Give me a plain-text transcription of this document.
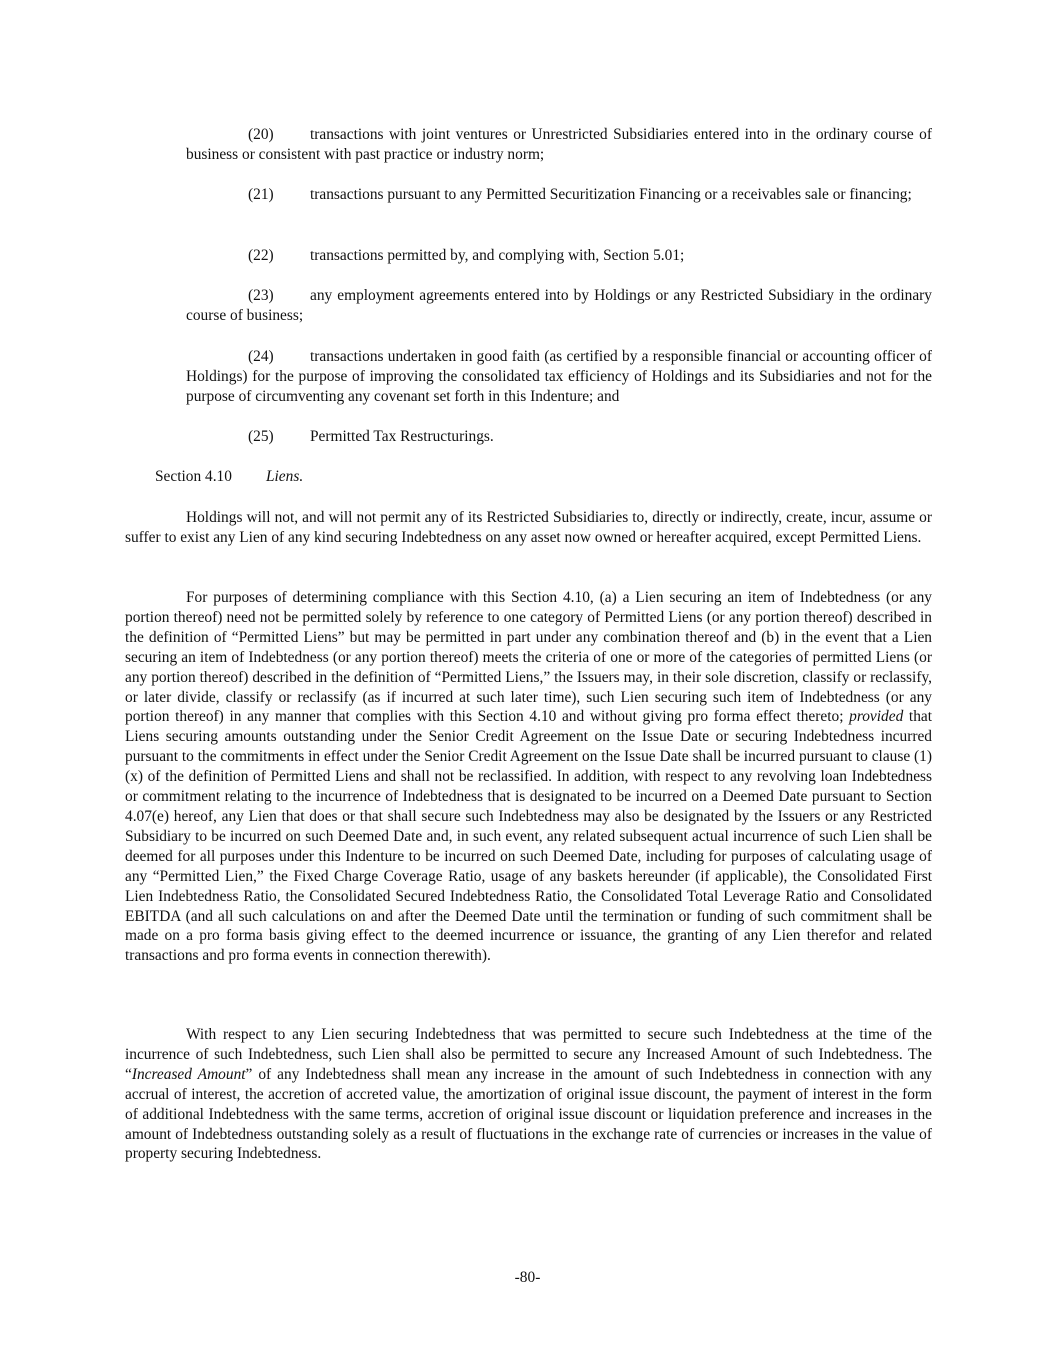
(20) transactions with joint ventures or Unrestricted Subsidiaries entered into in the ordinary course of business or consistent with past practice or industry norm;

(21) transactions pursuant to any Permitted Securitization Financing or a receivables sale or financing;

(22) transactions permitted by, and complying with, Section 5.01;

(23) any employment agreements entered into by Holdings or any Restricted Subsidiary in the ordinary course of business;

(24) transactions undertaken in good faith (as certified by a responsible financial or accounting officer of Holdings) for the purpose of improving the consolidated tax efficiency of Holdings and its Subsidiaries and not for the purpose of circumventing any covenant set forth in this Indenture; and

(25) Permitted Tax Restructurings.

Section 4.10 Liens.

Holdings will not, and will not permit any of its Restricted Subsidiaries to, directly or indirectly, create, incur, assume or suffer to exist any Lien of any kind securing Indebtedness on any asset now owned or hereafter acquired, except Permitted Liens.

For purposes of determining compliance with this Section 4.10, (a) a Lien securing an item of Indebtedness (or any portion thereof) need not be permitted solely by reference to one category of Permitted Liens (or any portion thereof) described in the definition of “Permitted Liens” but may be permitted in part under any combination thereof and (b) in the event that a Lien securing an item of Indebtedness (or any portion thereof) meets the criteria of one or more of the categories of permitted Liens (or any portion thereof) described in the definition of “Permitted Liens,” the Issuers may, in their sole discretion, classify or reclassify, or later divide, classify or reclassify (as if incurred at such later time), such Lien securing such item of Indebtedness (or any portion thereof) in any manner that complies with this Section 4.10 and without giving pro forma effect thereto; provided that Liens securing amounts outstanding under the Senior Credit Agreement on the Issue Date or securing Indebtedness incurred pursuant to the commitments in effect under the Senior Credit Agreement on the Issue Date shall be incurred pursuant to clause (1)(x) of the definition of Permitted Liens and shall not be reclassified. In addition, with respect to any revolving loan Indebtedness or commitment relating to the incurrence of Indebtedness that is designated to be incurred on a Deemed Date pursuant to Section 4.07(e) hereof, any Lien that does or that shall secure such Indebtedness may also be designated by the Issuers or any Restricted Subsidiary to be incurred on such Deemed Date and, in such event, any related subsequent actual incurrence of such Lien shall be deemed for all purposes under this Indenture to be incurred on such Deemed Date, including for purposes of calculating usage of any “Permitted Lien,” the Fixed Charge Coverage Ratio, usage of any baskets hereunder (if applicable), the Consolidated First Lien Indebtedness Ratio, the Consolidated Secured Indebtedness Ratio, the Consolidated Total Leverage Ratio and Consolidated EBITDA (and all such calculations on and after the Deemed Date until the termination or funding of such commitment shall be made on a pro forma basis giving effect to the deemed incurrence or issuance, the granting of any Lien therefor and related transactions and pro forma events in connection therewith).

With respect to any Lien securing Indebtedness that was permitted to secure such Indebtedness at the time of the incurrence of such Indebtedness, such Lien shall also be permitted to secure any Increased Amount of such Indebtedness. The “Increased Amount” of any Indebtedness shall mean any increase in the amount of such Indebtedness in connection with any accrual of interest, the accretion of accreted value, the amortization of original issue discount, the payment of interest in the form of additional Indebtedness with the same terms, accretion of original issue discount or liquidation preference and increases in the amount of Indebtedness outstanding solely as a result of fluctuations in the exchange rate of currencies or increases in the value of property securing Indebtedness.

-80-
